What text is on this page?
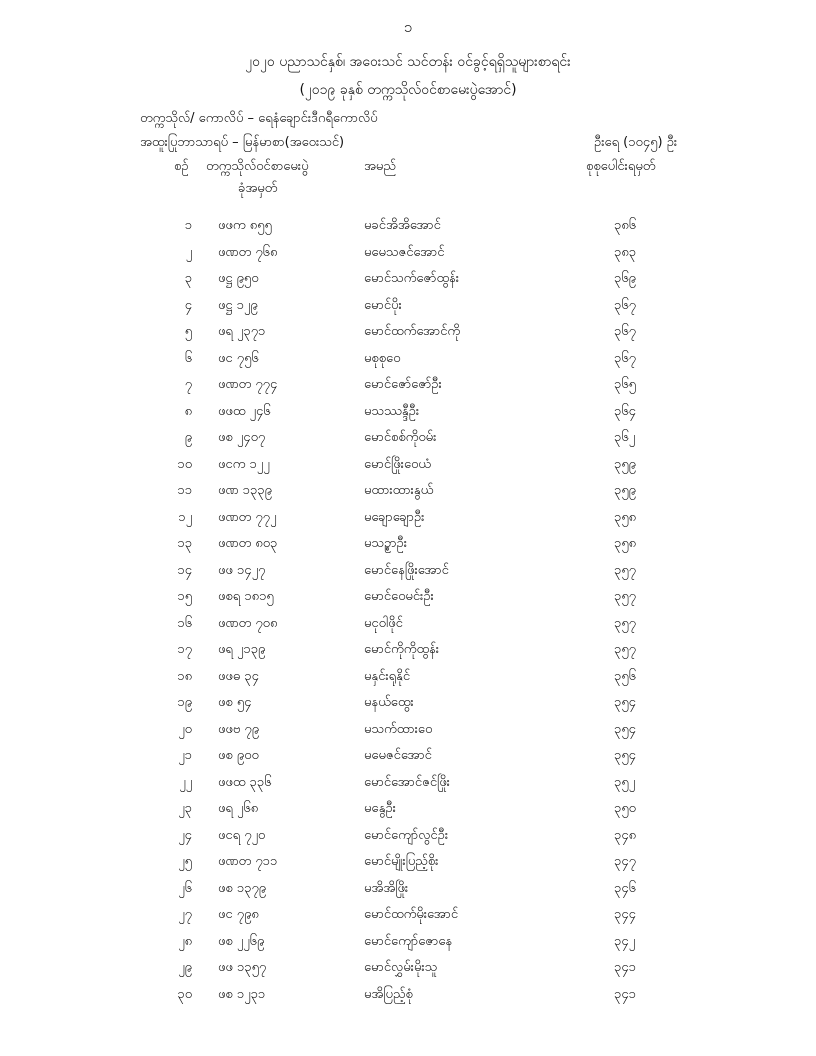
၁
၂၀၂၀ ပညာသင်နှစ်၊ အဝေးသင် သင်တန်း ဝင်ခွင့်ရရှိသူများစာရင်း
(၂၀၁၉ ခုနှစ် တက္ကသိုလ်ဝင်စာမေးပွဲအောင်)
တက္ကသိုလ်/ ကောလိပ် – ရေနံချောင်းဒီဂရီကောလိပ်
အထူးပြုဘာသာရပ် – မြန်မာစာ(အဝေးသင်)	ဦးရေ (၁၀၄၅) ဦး
စဉ် တက္ကသိုလ်ဝင်စာမေးပွဲ
ခုံအမှတ်
အမည်	စုစုပေါင်းရမှတ်
၁ ဖဖက ၈၅၅	မခင်အိအိအောင်	၃၈၆
၂ ဖဏတ ၇၆၈	မမေသဇင်အောင်	၃၈၃
၃ ဖဋ္ဌ ၉၅၀	မောင်သက်ဇော်ထွန်း	၃၆၉
၄ ဖဋ္ဌ ၁၂၉	မောင်ပိုး	၃၆၇
၅ ဖရ ၂၃၇၁	မောင်ထက်အောင်ကို	၃၆၇
၆ ဖင ၇၅၆	မစုစုဝေ	၃၆၇
၇ ဖဏတ ၇၇၄	မောင်ဇော်ဇော်ဦး	၃၆၅
၈ ဖဖထ ၂၄၆	မသဿန္ဒီဦး	၃၆၄
၉ ဖစ ၂၄၀၇	မောင်စစ်ကိုဝမ်း	၃၆၂
၁၀ ဖငက ၁၂၂	မောင်ဖြိုးဝေယံ	၃၅၉
၁၁ ဖဏ ၁၃၃၉	မထားထားနွယ်	၃၅၉
၁၂ ဖဏတ ၇၇၂	မချောချောဦး	၃၅၈
၁၃ ဖဏတ ၈၀၃	မသဥ္စာဦး	၃၅၈
၁၄ ဖဖ ၁၄၂၇	မောင်နေဖြိုးအောင်	၃၅၇
၁၅ ဖစရ ၁၈၁၅	မောင်ဝေမင်းဦး	၃၅၇
၁၆ ဖဏတ ၇၀၈	မငုဝါဖိုင်	၃၅၇
၁၇ ဖရ ၂၁၃၉	မောင်ကိုကိုထွန်း	၃၅၇
၁၈ ဖဖဓ ၃၄	မနှင်းရုနိုင်	၃၅၆
၁၉ ဖစ ၅၄	မနယ်ထွေး	၃၅၄
၂၀ ဖဖဗ ၇၉	မသက်ထားဝေ	၃၅၄
၂၁ ဖစ ၉၀၀	မမေဇင်အောင်	၃၅၄
၂၂ ဖဖထ ၃၃၆	မောင်အောင်ဇင်ဖြိုး	၃၅၂
၂၃ ဖရ ၂၆၈	မနွေဦး	၃၅၀
၂၄ ဖငရ ၇၂၀	မောင်ကျော်လွင်ဦး	၃၄၈
၂၅ ဖဏတ ၇၁၁	မောင်မျိုးပြည့်စိုး	၃၄၇
၂၆ ဖစ ၁၃၇၉	မအိအိဖြိုး	၃၄၆
၂၇ ဖင ၇၉၈	မောင်ထက်မိုးအောင်	၃၄၄
၂၈ ဖစ ၂၂၆၉	မောင်ကျော်ဇောနေ	၃၄၂
၂၉ ဖဖ ၁၃၅၇	မောင်လွှမ်းမိုးသူ	၃၄၁
၃၀ ဖစ ၁၂၃၁	မအိပြည့်စုံ	၃၄၁
